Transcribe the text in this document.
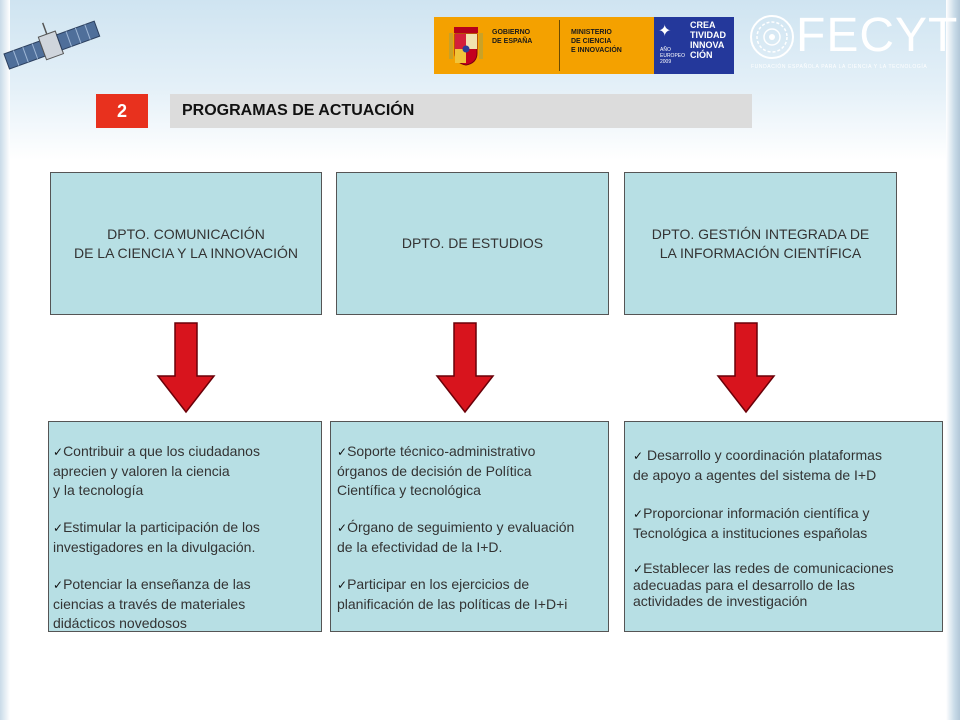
GOBIERNO
DE ESPAÑA
MINISTERIO
DE CIENCIA
E INNOVACIÓN
✦
AÑO
EUROPEO
2009
CREA
TIVIDAD
INNOVA
CIÓN	FECYT
FUNDACIÓN ESPAÑOLA PARA LA CIENCIA Y LA TECNOLOGÍA
2	PROGRAMAS DE ACTUACIÓN
DPTO. COMUNICACIÓN
DE LA CIENCIA Y LA INNOVACIÓN
DPTO. DE ESTUDIOS
DPTO. GESTIÓN INTEGRADA DE
LA INFORMACIÓN CIENTÍFICA
✓Contribuir a que los ciudadanos
aprecien y valoren la ciencia
y la tecnología
✓Estimular la participación de los
investigadores en la divulgación.
✓Potenciar la enseñanza de las
ciencias a través de materiales
didácticos novedosos
✓Soporte técnico-administrativo
órganos de decisión de Política
Científica y tecnológica
✓Órgano de seguimiento y evaluación
de la efectividad de la I+D.
✓Participar en los ejercicios de
planificación de las políticas de I+D+i
✓ Desarrollo y coordinación plataformas
de apoyo a agentes del sistema de I+D
✓Proporcionar información científica y
Tecnológica a instituciones españolas
✓Establecer las redes de comunicaciones
adecuadas para el desarrollo de las
actividades de investigación
